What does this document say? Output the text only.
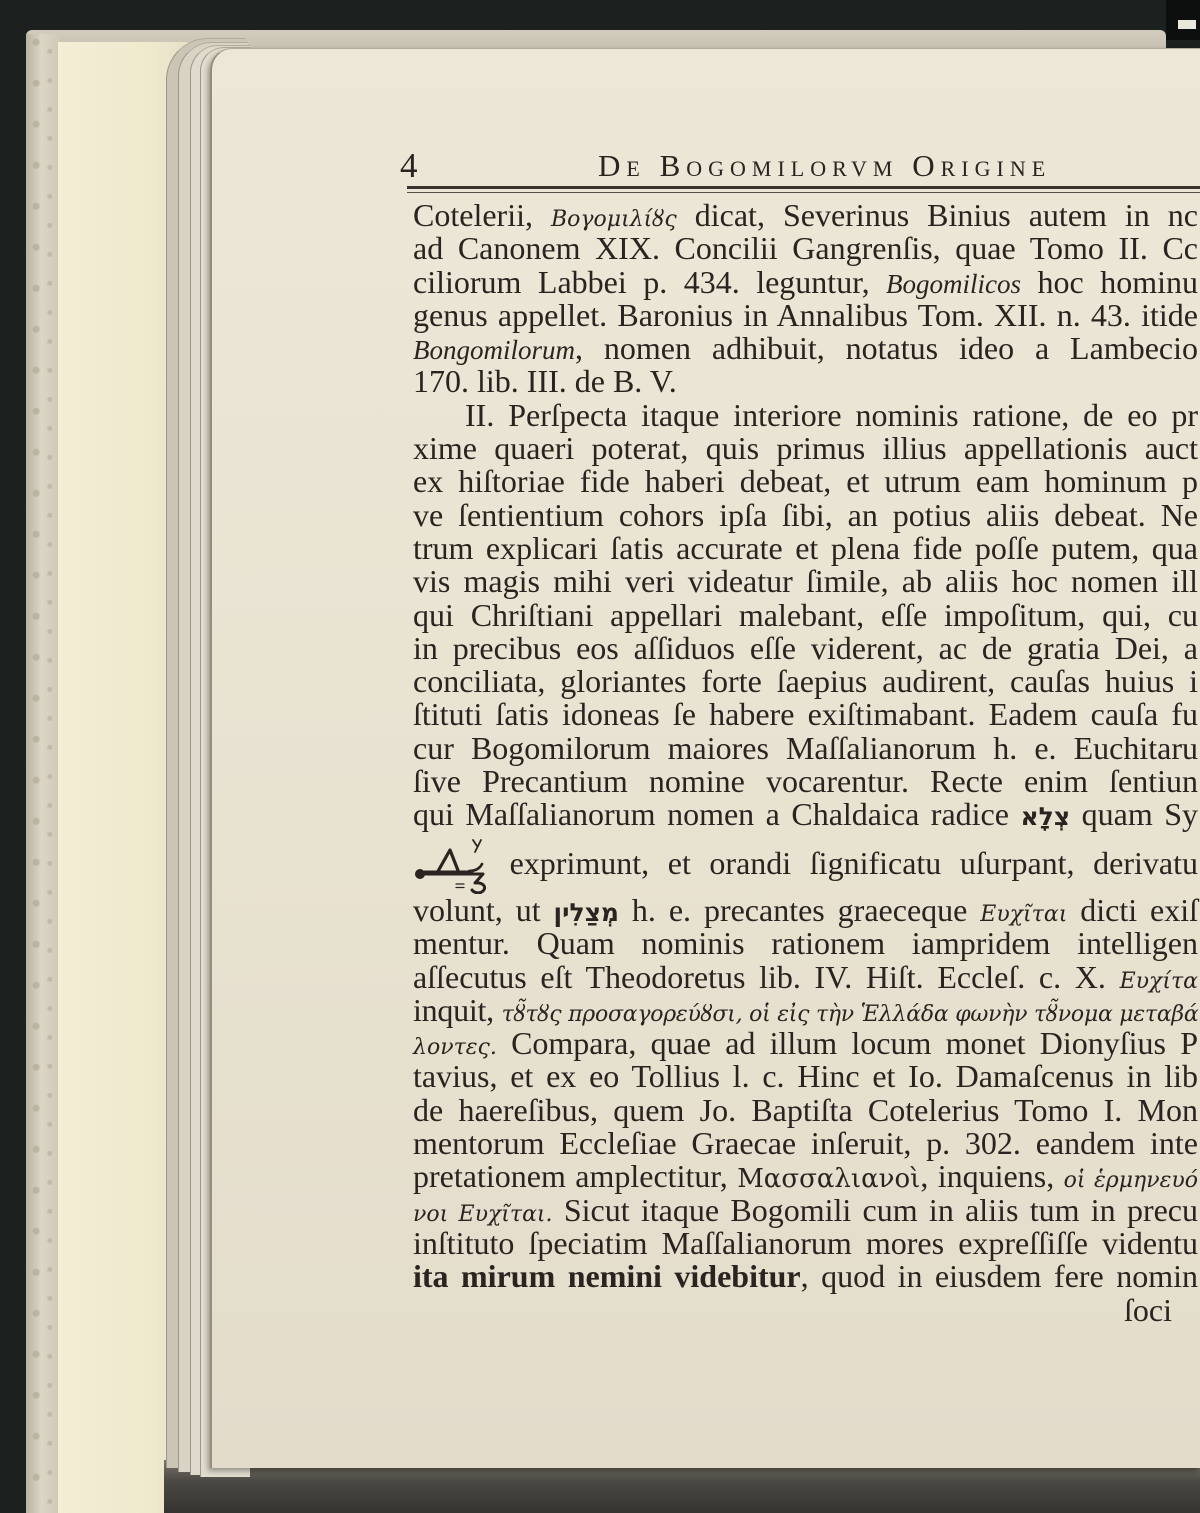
4	De Bogomilorvm Origine
Cotelerii, Βογομιλίȣς dicat, Severinus Binius autem in nc
ad Canonem XIX. Concilii Gangrenſis, quae Tomo II. Cc
ciliorum Labbei p. 434. leguntur, Bogomilicos hoc hominu
genus appellet. Baronius in Annalibus Tom. XII. n. 43. itide
Bongomilorum, nomen adhibuit, notatus ideo a Lambecio
170. lib. III. de B. V.
II. Perſpecta itaque interiore nominis ratione, de eo pr
xime quaeri poterat, quis primus illius appellationis auct
ex hiſtoriae fide haberi debeat, et utrum eam hominum p
ve ſentientium cohors ipſa ſibi, an potius aliis debeat. Ne
trum explicari ſatis accurate et plena fide poſſe putem, qua
vis magis mihi veri videatur ſimile, ab aliis hoc nomen ill
qui Chriſtiani appellari malebant, eſſe impoſitum, qui, cu
in precibus eos aſſiduos eſſe viderent, ac de gratia Dei, a
conciliata, gloriantes forte ſaepius audirent, cauſas huius i
ſtituti ſatis idoneas ſe habere exiſtimabant. Eadem cauſa fu
cur Bogomilorum maiores Maſſalianorum h. e. Euchitaru
ſive Precantium nomine vocarentur. Recte enim ſentiun
qui Maſſalianorum nomen a Chaldaica radice צְלָא quam Sy
exprimunt, et orandi ſignificatu uſurpant, derivatu
volunt, ut מְצַלִין h. e. precantes graeceque Ευχῖται dicti exiſ
mentur. Quam nominis rationem iampridem intelligen
aſſecutus eſt Theodoretus lib. IV. Hiſt. Eccleſ. c. X. Ευχίτα
inquit, τȣ̃τȣς προσαγορεύȣσι, οἱ εἰς τὴν Ἑλλάδα φωνὴν τȣ̃νομα μεταβά
λοντες. Compara, quae ad illum locum monet Dionyſius P
tavius, et ex eo Tollius l. c. Hinc et Io. Damaſcenus in lib
de haereſibus, quem Jo. Baptiſta Cotelerius Tomo I. Mon
mentorum Eccleſiae Graecae inſeruit, p. 302. eandem inte
pretationem amplectitur, Μασσαλιανοὶ, inquiens, οἱ ἑρμηνευό
νοι Ευχῖται. Sicut itaque Bogomili cum in aliis tum in precu
inſtituto ſpeciatim Maſſalianorum mores expreſſiſſe videntu
ita mirum nemini videbitur, quod in eiusdem fere nomin
ſoci
